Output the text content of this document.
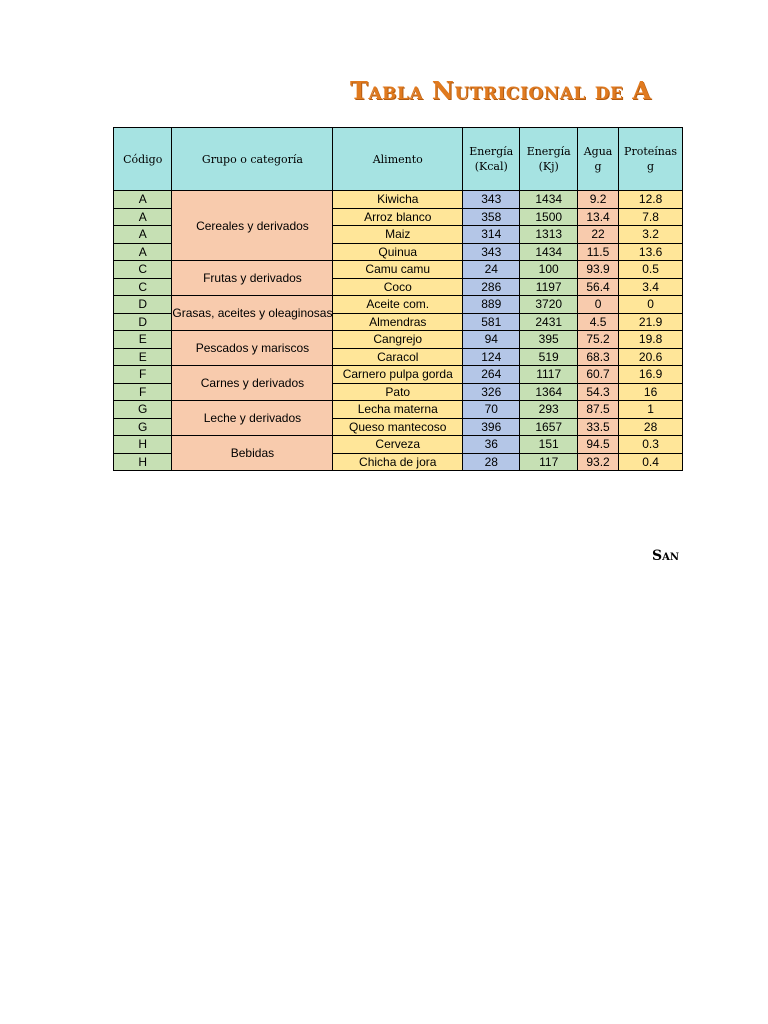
Tabla Nutricional de A
Código	Grupo o categoría	Alimento	Energía (Kcal)	Energía (Kj)	Agua g	Proteínas g
A	Cereales y derivados	Kiwicha	343	1434	9.2	12.8
A		Arroz blanco	358	1500	13.4	7.8
A		Maiz	314	1313	22	3.2
A		Quinua	343	1434	11.5	13.6
C	Frutas y derivados	Camu camu	24	100	93.9	0.5
C		Coco	286	1197	56.4	3.4
D	Grasas, aceites y oleaginosas	Aceite com.	889	3720	0	0
D		Almendras	581	2431	4.5	21.9
E	Pescados y mariscos	Cangrejo	94	395	75.2	19.8
E		Caracol	124	519	68.3	20.6
F	Carnes y derivados	Carnero pulpa gorda	264	1117	60.7	16.9
F		Pato	326	1364	54.3	16
G	Leche y derivados	Lecha materna	70	293	87.5	1
G		Queso mantecoso	396	1657	33.5	28
H	Bebidas	Cerveza	36	151	94.5	0.3
H		Chicha de jora	28	117	93.2	0.4
San
